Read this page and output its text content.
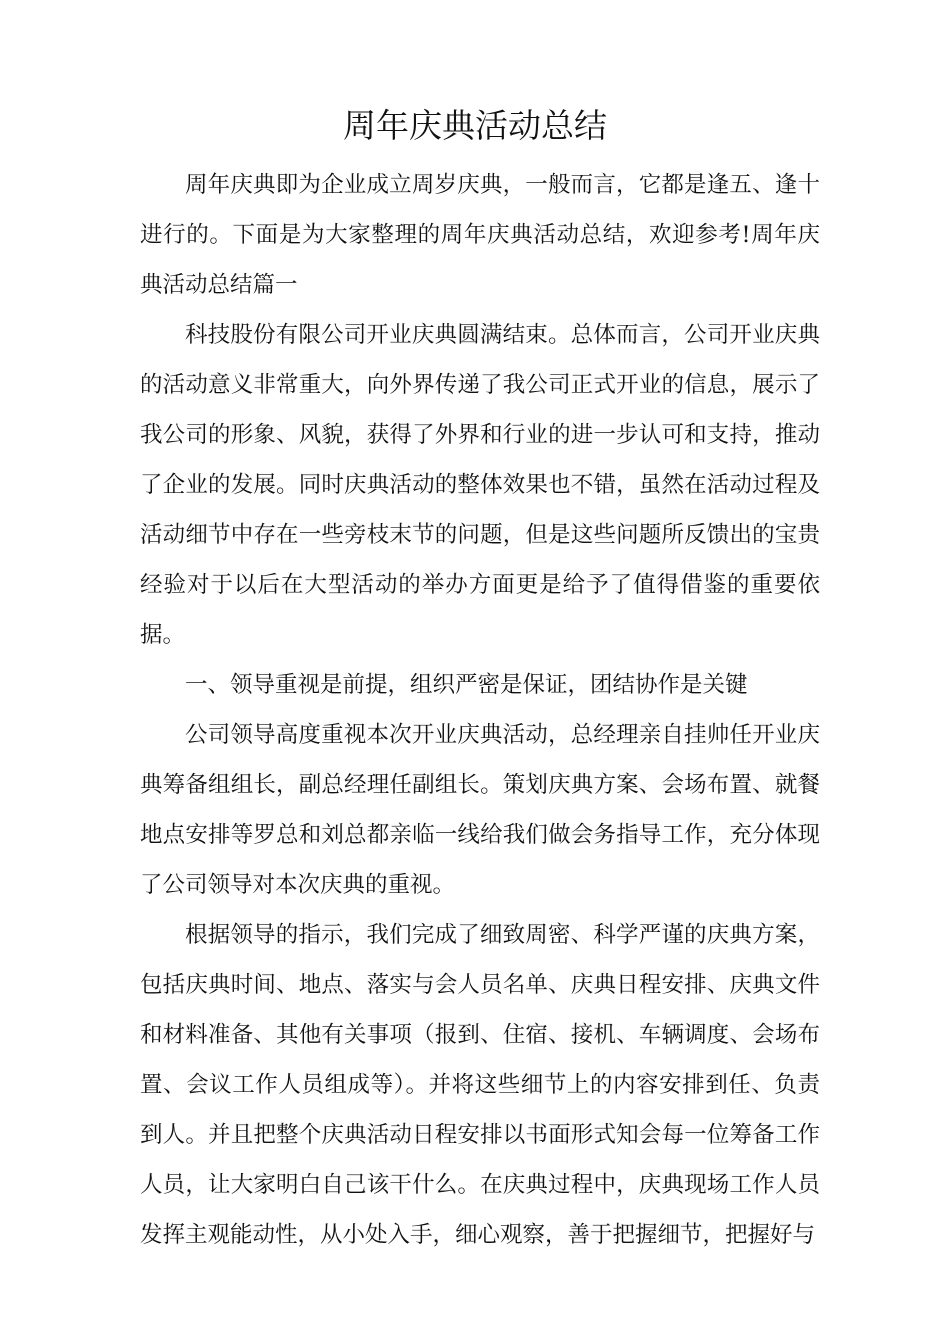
周年庆典活动总结

周年庆典即为企业成立周岁庆典，一般而言，它都是逢五、逢十进行的。下面是为大家整理的周年庆典活动总结，欢迎参考!周年庆典活动总结篇一

科技股份有限公司开业庆典圆满结束。总体而言，公司开业庆典的活动意义非常重大，向外界传递了我公司正式开业的信息，展示了我公司的形象、风貌，获得了外界和行业的进一步认可和支持，推动了企业的发展。同时庆典活动的整体效果也不错，虽然在活动过程及活动细节中存在一些旁枝末节的问题，但是这些问题所反馈出的宝贵经验对于以后在大型活动的举办方面更是给予了值得借鉴的重要依据。

一、领导重视是前提，组织严密是保证，团结协作是关键

公司领导高度重视本次开业庆典活动，总经理亲自挂帅任开业庆典筹备组组长，副总经理任副组长。策划庆典方案、会场布置、就餐地点安排等罗总和刘总都亲临一线给我们做会务指导工作，充分体现了公司领导对本次庆典的重视。

根据领导的指示，我们完成了细致周密、科学严谨的庆典方案，包括庆典时间、地点、落实与会人员名单、庆典日程安排、庆典文件和材料准备、其他有关事项（报到、住宿、接机、车辆调度、会场布置、会议工作人员组成等）。并将这些细节上的内容安排到任、负责到人。并且把整个庆典活动日程安排以书面形式知会每一位筹备工作人员，让大家明白自己该干什么。在庆典过程中，庆典现场工作人员发挥主观能动性，从小处入手，细心观察，善于把握细节，把握好与
